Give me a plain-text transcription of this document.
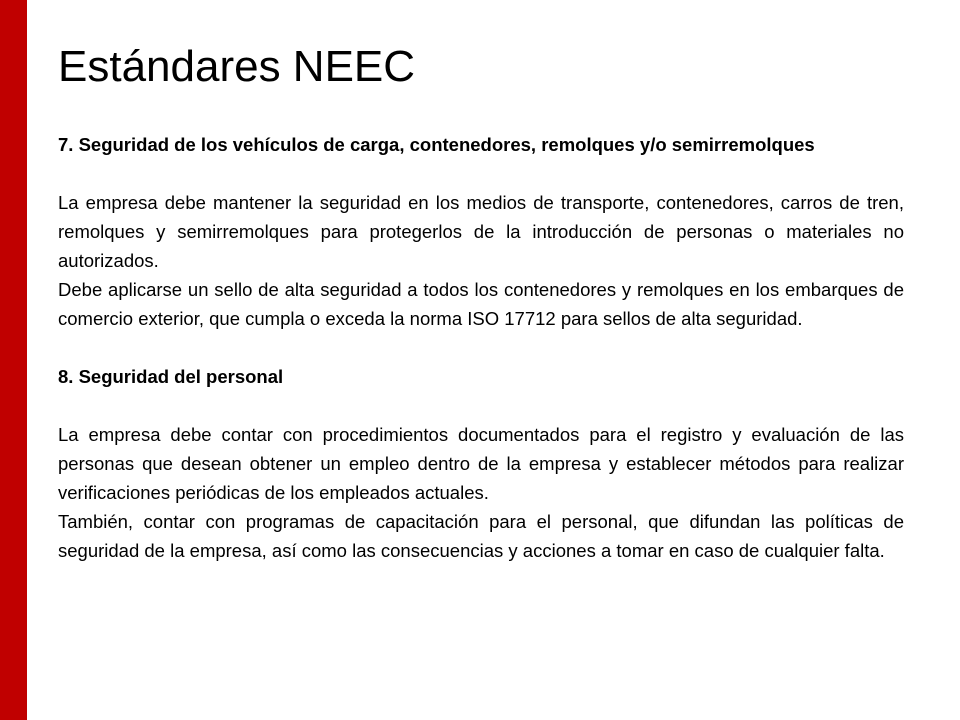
Estándares NEEC

7. Seguridad de los vehículos de carga, contenedores, remolques y/o semirremolques

La empresa debe mantener la seguridad en los medios de transporte, contenedores, carros de tren, remolques y semirremolques para protegerlos de la introducción de personas o materiales no autorizados.

Debe aplicarse un sello de alta seguridad a todos los contenedores y remolques en los embarques de comercio exterior, que cumpla o exceda la norma ISO 17712 para sellos de alta seguridad.

8. Seguridad del personal

La empresa debe contar con procedimientos documentados para el registro y evaluación de las personas que desean obtener un empleo dentro de la empresa y establecer métodos para realizar verificaciones periódicas de los empleados actuales.

También, contar con programas de capacitación para el personal, que difundan las políticas de seguridad de la empresa, así como las consecuencias y acciones a tomar en caso de cualquier falta.
